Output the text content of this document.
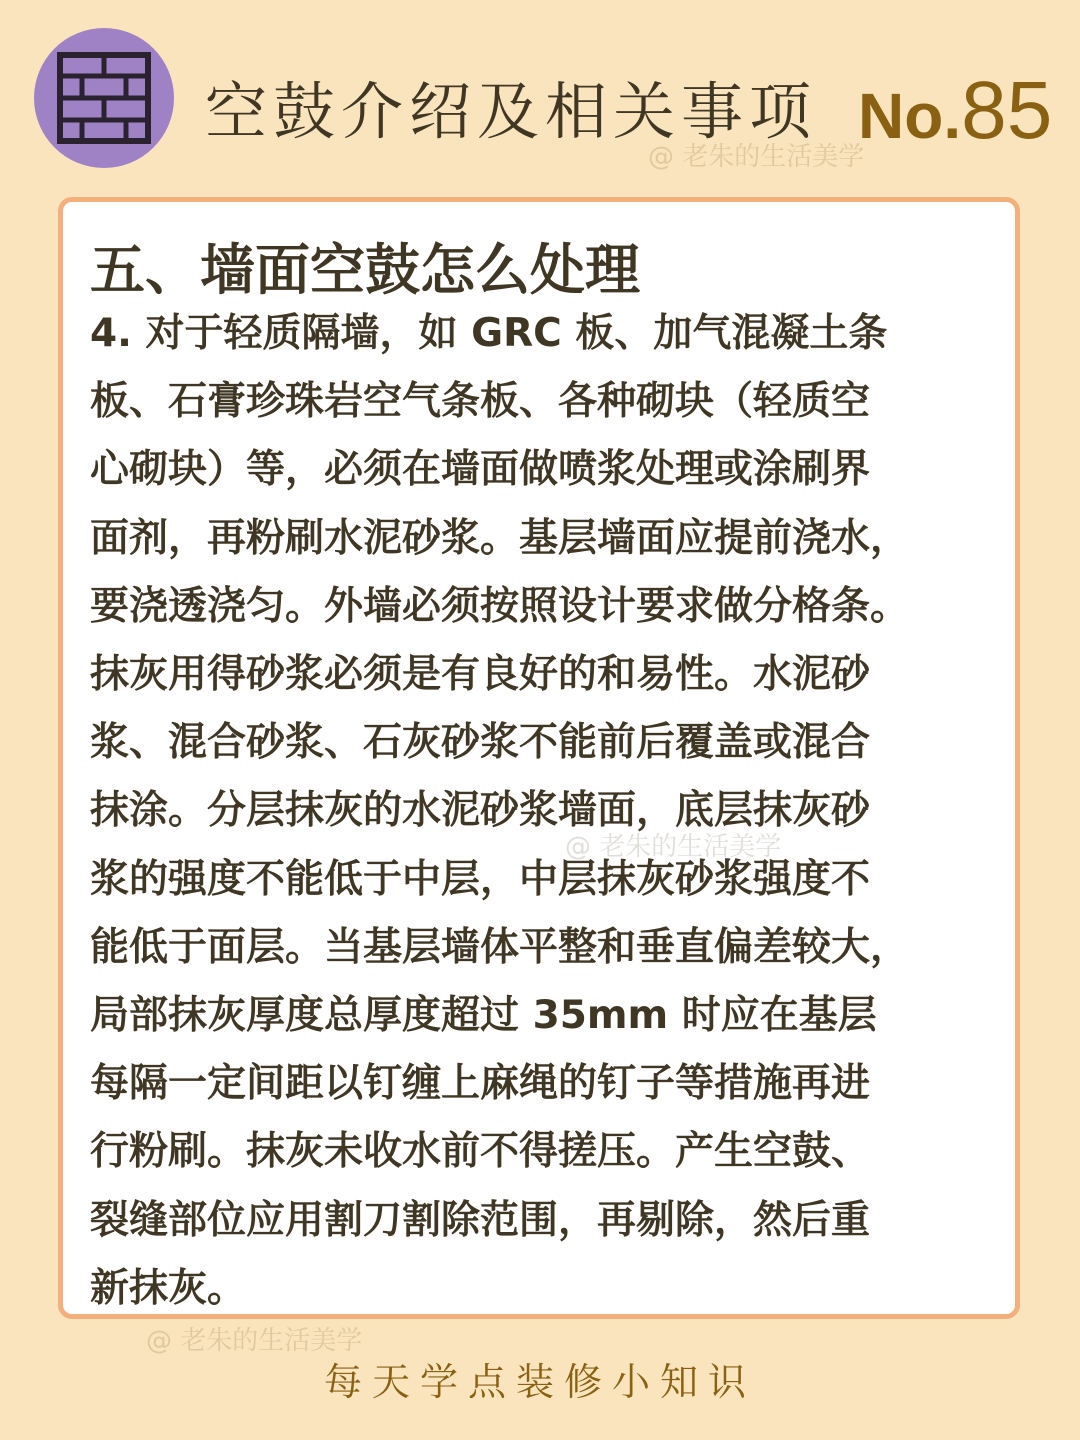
空鼓介绍及相关事项 No.85
@ 老朱的生活美学
五、墙面空鼓怎么处理
4. 对于轻质隔墙，如 GRC 板、加气混凝土条
板、石膏珍珠岩空气条板、各种砌块（轻质空
心砌块）等，必须在墙面做喷浆处理或涂刷界
面剂，再粉刷水泥砂浆。基层墙面应提前浇水，
要浇透浇匀。外墙必须按照设计要求做分格条。
抹灰用得砂浆必须是有良好的和易性。水泥砂
浆、混合砂浆、石灰砂浆不能前后覆盖或混合
抹涂。分层抹灰的水泥砂浆墙面，底层抹灰砂
浆的强度不能低于中层，中层抹灰砂浆强度不
能低于面层。当基层墙体平整和垂直偏差较大，
局部抹灰厚度总厚度超过 35mm 时应在基层
每隔一定间距以钉缠上麻绳的钉子等措施再进
行粉刷。抹灰未收水前不得搓压。产生空鼓、
裂缝部位应用割刀割除范围，再剔除，然后重
新抹灰。
@ 老朱的生活美学
@ 老朱的生活美学
每天学点装修小知识
